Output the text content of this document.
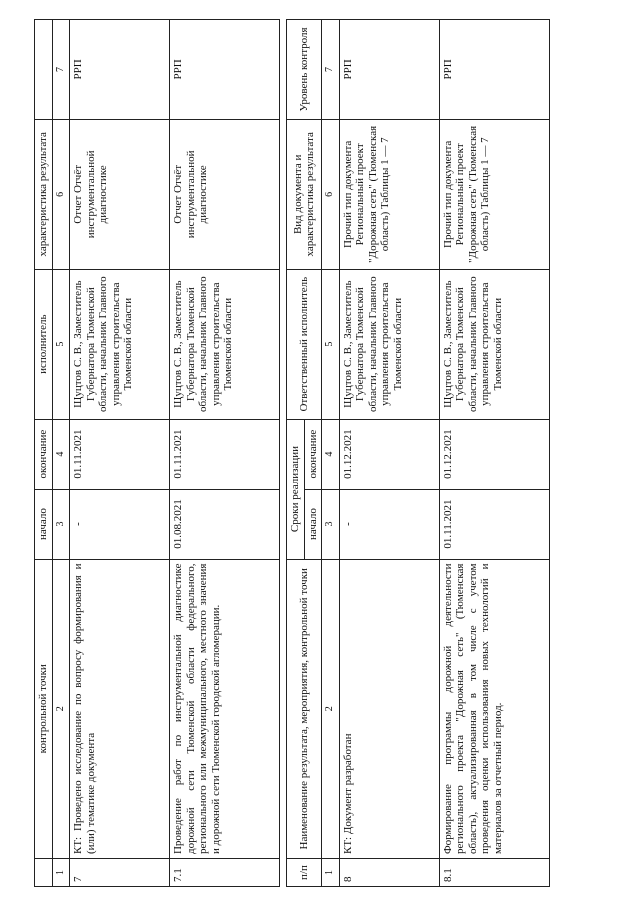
	контрольной точки	начало	окончание	исполнитель	характеристика результата	
1	2	3	4	5	6	7
7	КТ: Проведено исследование по вопросу формирования и (или) тематике документа	-	01.11.2021	Щуцтов С. В., Заместитель Губернатора Тюменской области, начальник Главного управления строительства Тюменской области	Отчет Отчёт инструментальной диагностике	РРП
7.1	Проведение работ по инструментальной диагностике дорожной сети Тюменской области федерального, регионального или межмуниципального, местного значения и дорожной сети Тюменской городской агломерации.	01.08.2021	01.11.2021	Щуцтов С. В., Заместитель Губернатора Тюменской области, начальник Главного управления строительства Тюменской области	Отчет Отчёт инструментальной диагностике	РРП

п/п	Наименование результата, мероприятия, контрольной точки	Сроки реализации		Ответственный исполнитель	Вид документа и характеристика результата	Уровень контроля
		начало	окончание			
1	2	3	4	5	6	7
8	КТ: Документ разработан	-	01.12.2021	Щуцтов С. В., Заместитель Губернатора Тюменской области, начальник Главного управления строительства Тюменской области	Прочий тип документа Региональный проект "Дорожная сеть" (Тюменская область) Таблицы 1 — 7	РРП
8.1	Формирование программы дорожной деятельности регионального проекта "Дорожная сеть" (Тюменская область), актуализированная в том числе с учетом проведения оценки использования новых технологий и материалов за отчетный период.	01.11.2021	01.12.2021	Щуцтов С. В., Заместитель Губернатора Тюменской области, начальник Главного управления строительства Тюменской области	Прочий тип документа Региональный проект "Дорожная сеть" (Тюменская область) Таблицы 1 — 7	РРП
